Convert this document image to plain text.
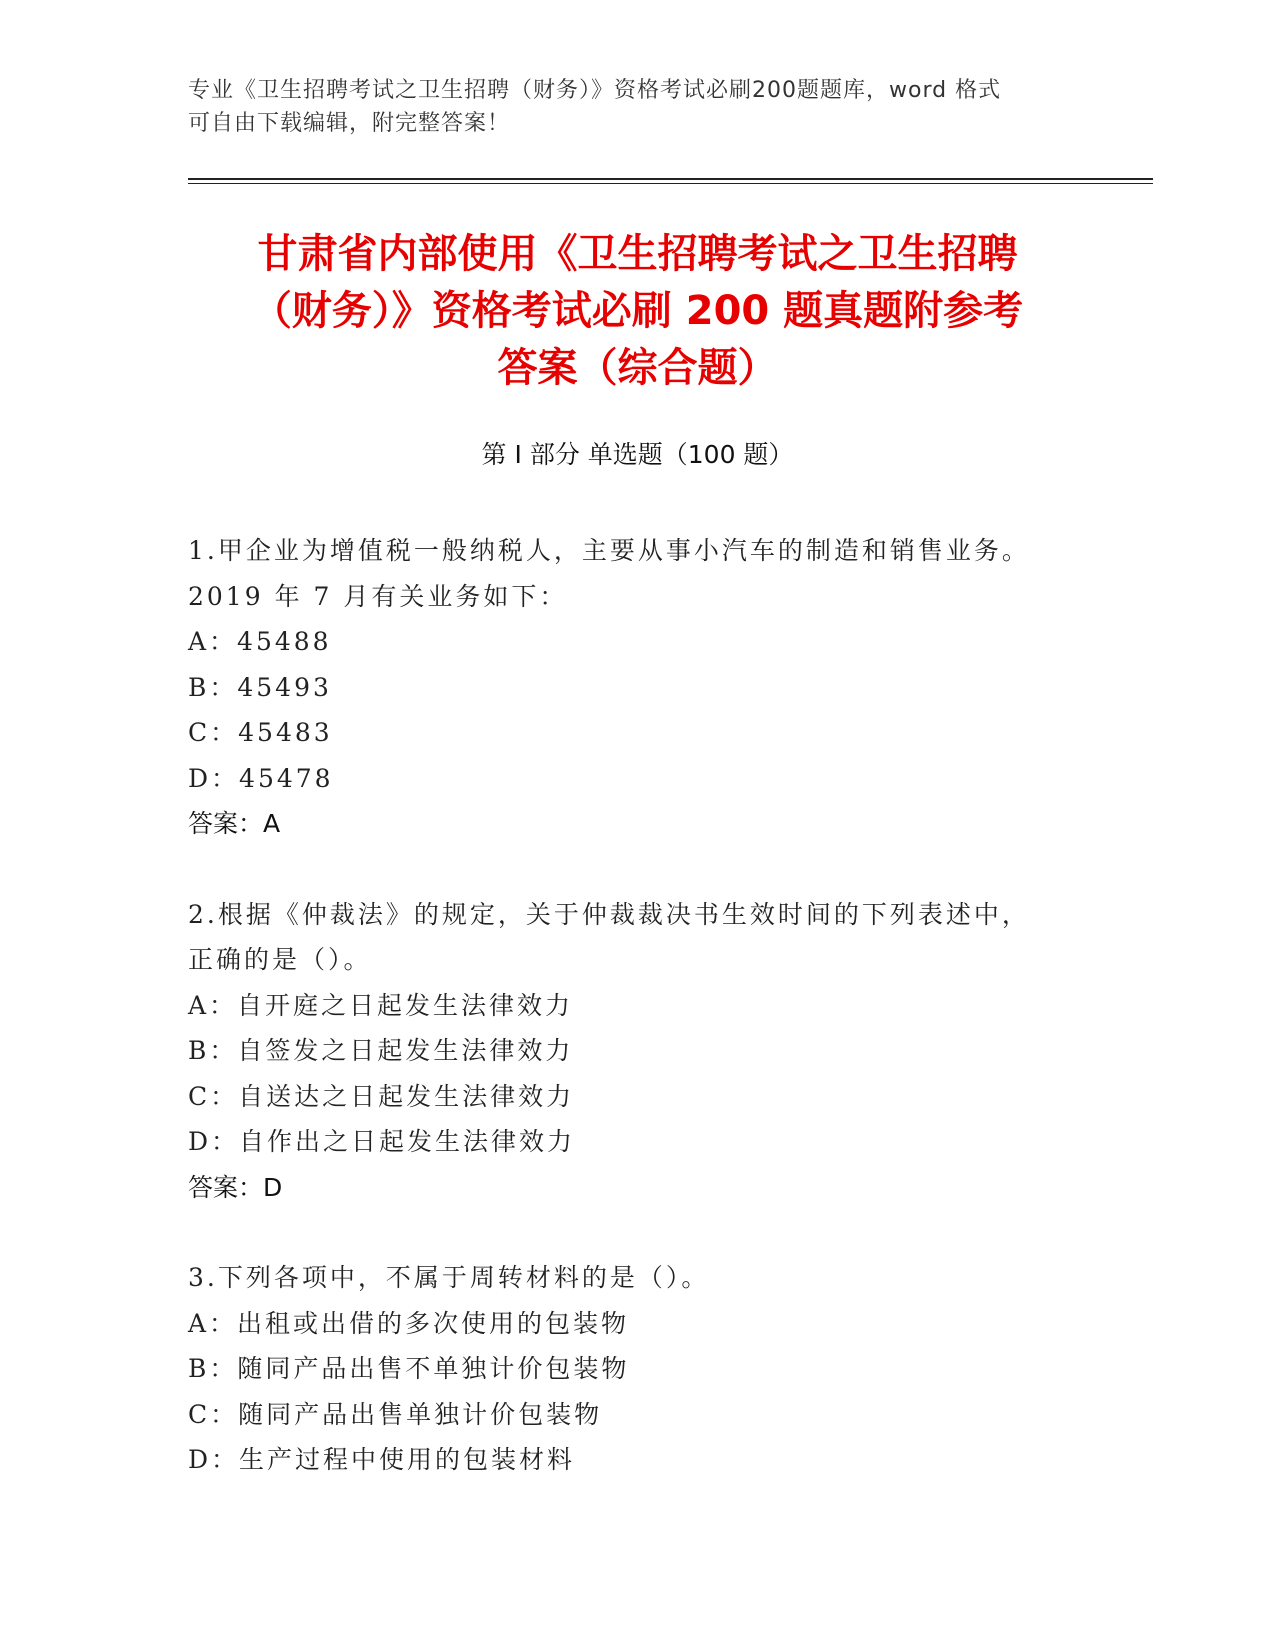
专业《卫生招聘考试之卫生招聘（财务）》资格考试必刷200题题库，word 格式
可自由下载编辑，附完整答案！
甘肃省内部使用《卫生招聘考试之卫生招聘
（财务）》资格考试必刷 200 题真题附参考
答案（综合题）
第 I 部分 单选题（100 题）
1.甲企业为增值税一般纳税人，主要从事小汽车的制造和销售业务。
2019 年 7 月有关业务如下：
A：45488
B：45493
C：45483
D：45478
答案：A
2.根据《仲裁法》的规定，关于仲裁裁决书生效时间的下列表述中，
正确的是（）。
A：自开庭之日起发生法律效力
B：自签发之日起发生法律效力
C：自送达之日起发生法律效力
D：自作出之日起发生法律效力
答案：D
3.下列各项中，不属于周转材料的是（）。
A：出租或出借的多次使用的包装物
B：随同产品出售不单独计价包装物
C：随同产品出售单独计价包装物
D：生产过程中使用的包装材料
